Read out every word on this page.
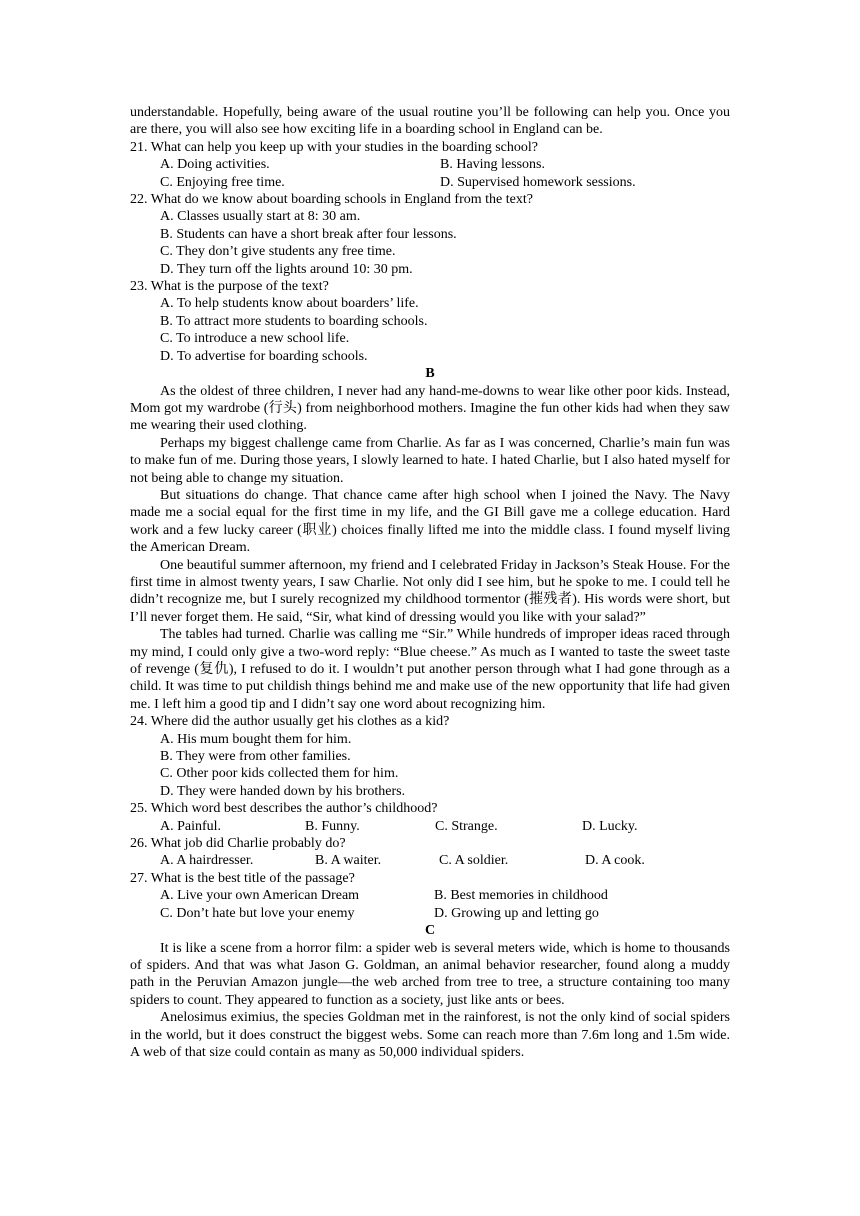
understandable. Hopefully, being aware of the usual routine you’ll be following can help you. Once you are there, you will also see how exciting life in a boarding school in England can be.

21. What can help you keep up with your studies in the boarding school?

A. Doing activities.	B. Having lessons.
C. Enjoying free time.	D. Supervised homework sessions.

22. What do we know about boarding schools in England from the text?

A. Classes usually start at 8: 30 am.

B. Students can have a short break after four lessons.

C. They don’t give students any free time.

D. They turn off the lights around 10: 30 pm.

23. What is the purpose of the text?

A. To help students know about boarders’ life.

B. To attract more students to boarding schools.

C. To introduce a new school life.

D. To advertise for boarding schools.

B

As the oldest of three children, I never had any hand-me-downs to wear like other poor kids. Instead, Mom got my wardrobe (行头) from neighborhood mothers. Imagine the fun other kids had when they saw me wearing their used clothing.

Perhaps my biggest challenge came from Charlie. As far as I was concerned, Charlie’s main fun was to make fun of me. During those years, I slowly learned to hate. I hated Charlie, but I also hated myself for not being able to change my situation.

But situations do change. That chance came after high school when I joined the Navy. The Navy made me a social equal for the first time in my life, and the GI Bill gave me a college education. Hard work and a few lucky career (职业) choices finally lifted me into the middle class. I found myself living the American Dream.

One beautiful summer afternoon, my friend and I celebrated Friday in Jackson’s Steak House. For the first time in almost twenty years, I saw Charlie. Not only did I see him, but he spoke to me. I could tell he didn’t recognize me, but I surely recognized my childhood tormentor (摧残者). His words were short, but I’ll never forget them. He said, “Sir, what kind of dressing would you like with your salad?”

The tables had turned. Charlie was calling me “Sir.” While hundreds of improper ideas raced through my mind, I could only give a two-word reply: “Blue cheese.” As much as I wanted to taste the sweet taste of revenge (复仇), I refused to do it. I wouldn’t put another person through what I had gone through as a child. It was time to put childish things behind me and make use of the new opportunity that life had given me. I left him a good tip and I didn’t say one word about recognizing him.

24. Where did the author usually get his clothes as a kid?

A. His mum bought them for him.

B. They were from other families.

C. Other poor kids collected them for him.

D. They were handed down by his brothers.

25. Which word best describes the author’s childhood?

A. Painful.	B. Funny.	C. Strange.	D. Lucky.

26. What job did Charlie probably do?

A. A hairdresser.	B. A waiter.	C. A soldier.	D. A cook.

27. What is the best title of the passage?

A. Live your own American Dream	B. Best memories in childhood
C. Don’t hate but love your enemy	D. Growing up and letting go

C

It is like a scene from a horror film: a spider web is several meters wide, which is home to thousands of spiders. And that was what Jason G. Goldman, an animal behavior researcher, found along a muddy path in the Peruvian Amazon jungle—the web arched from tree to tree, a structure containing too many spiders to count. They appeared to function as a society, just like ants or bees.

Anelosimus eximius, the species Goldman met in the rainforest, is not the only kind of social spiders in the world, but it does construct the biggest webs. Some can reach more than 7.6m long and 1.5m wide. A web of that size could contain as many as 50,000 individual spiders.
